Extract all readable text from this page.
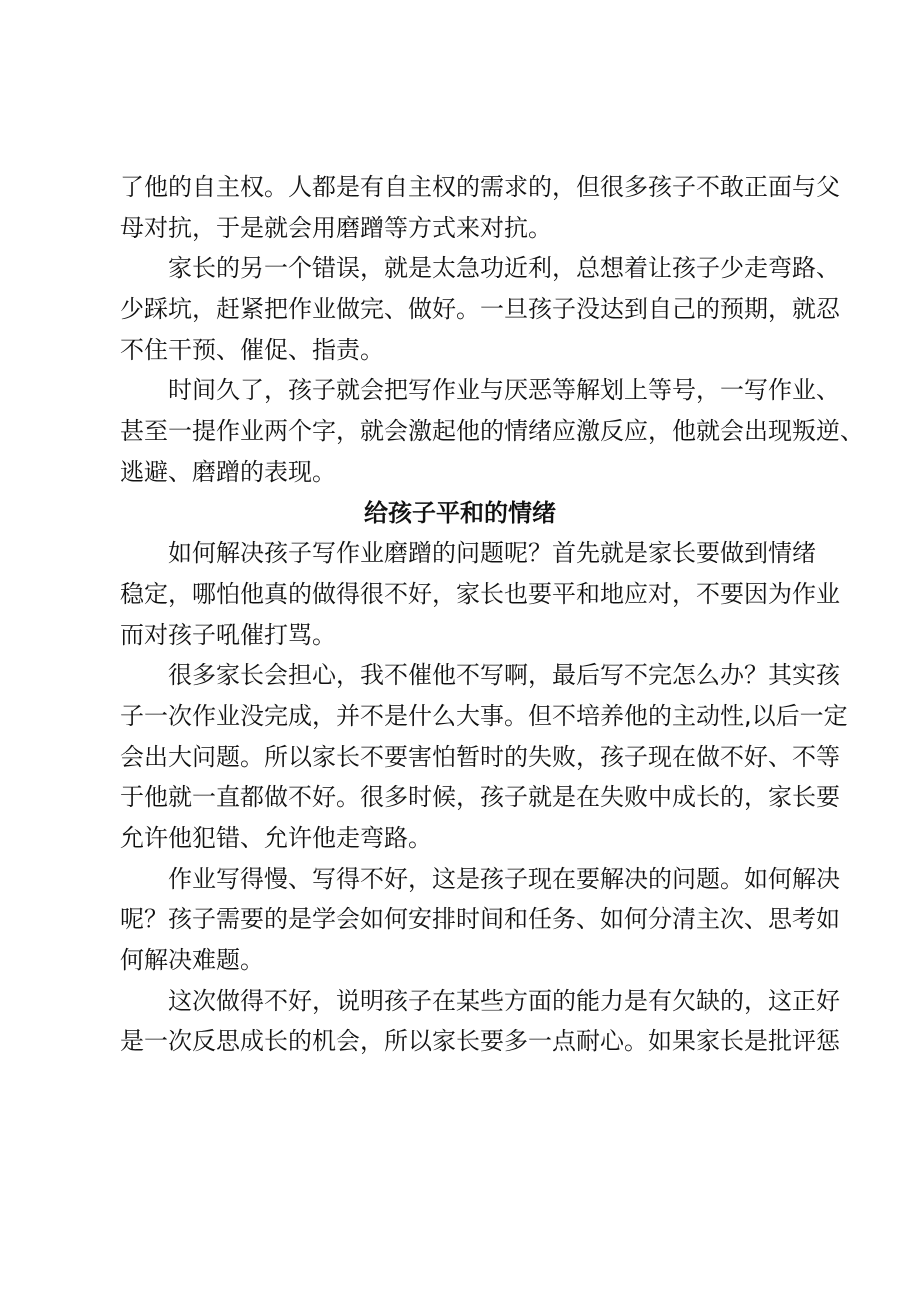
了他的自主权。人都是有自主权的需求的，但很多孩子不敢正面与父
母对抗，于是就会用磨蹭等方式来对抗。
家长的另一个错误，就是太急功近利，总想着让孩子少走弯路、
少踩坑，赶紧把作业做完、做好。一旦孩子没达到自己的预期，就忍
不住干预、催促、指责。
时间久了，孩子就会把写作业与厌恶等解划上等号，一写作业、
甚至一提作业两个字，就会激起他的情绪应激反应，他就会出现叛逆、
逃避、磨蹭的表现。
给孩子平和的情绪
如何解决孩子写作业磨蹭的问题呢？首先就是家长要做到情绪
稳定，哪怕他真的做得很不好，家长也要平和地应对，不要因为作业
而对孩子吼催打骂。
很多家长会担心，我不催他不写啊，最后写不完怎么办？其实孩
子一次作业没完成，并不是什么大事。但不培养他的主动性,以后一定
会出大问题。所以家长不要害怕暂时的失败，孩子现在做不好、不等
于他就一直都做不好。很多时候，孩子就是在失败中成长的，家长要
允许他犯错、允许他走弯路。
作业写得慢、写得不好，这是孩子现在要解决的问题。如何解决
呢？孩子需要的是学会如何安排时间和任务、如何分清主次、思考如
何解决难题。
这次做得不好，说明孩子在某些方面的能力是有欠缺的，这正好
是一次反思成长的机会，所以家长要多一点耐心。如果家长是批评惩
